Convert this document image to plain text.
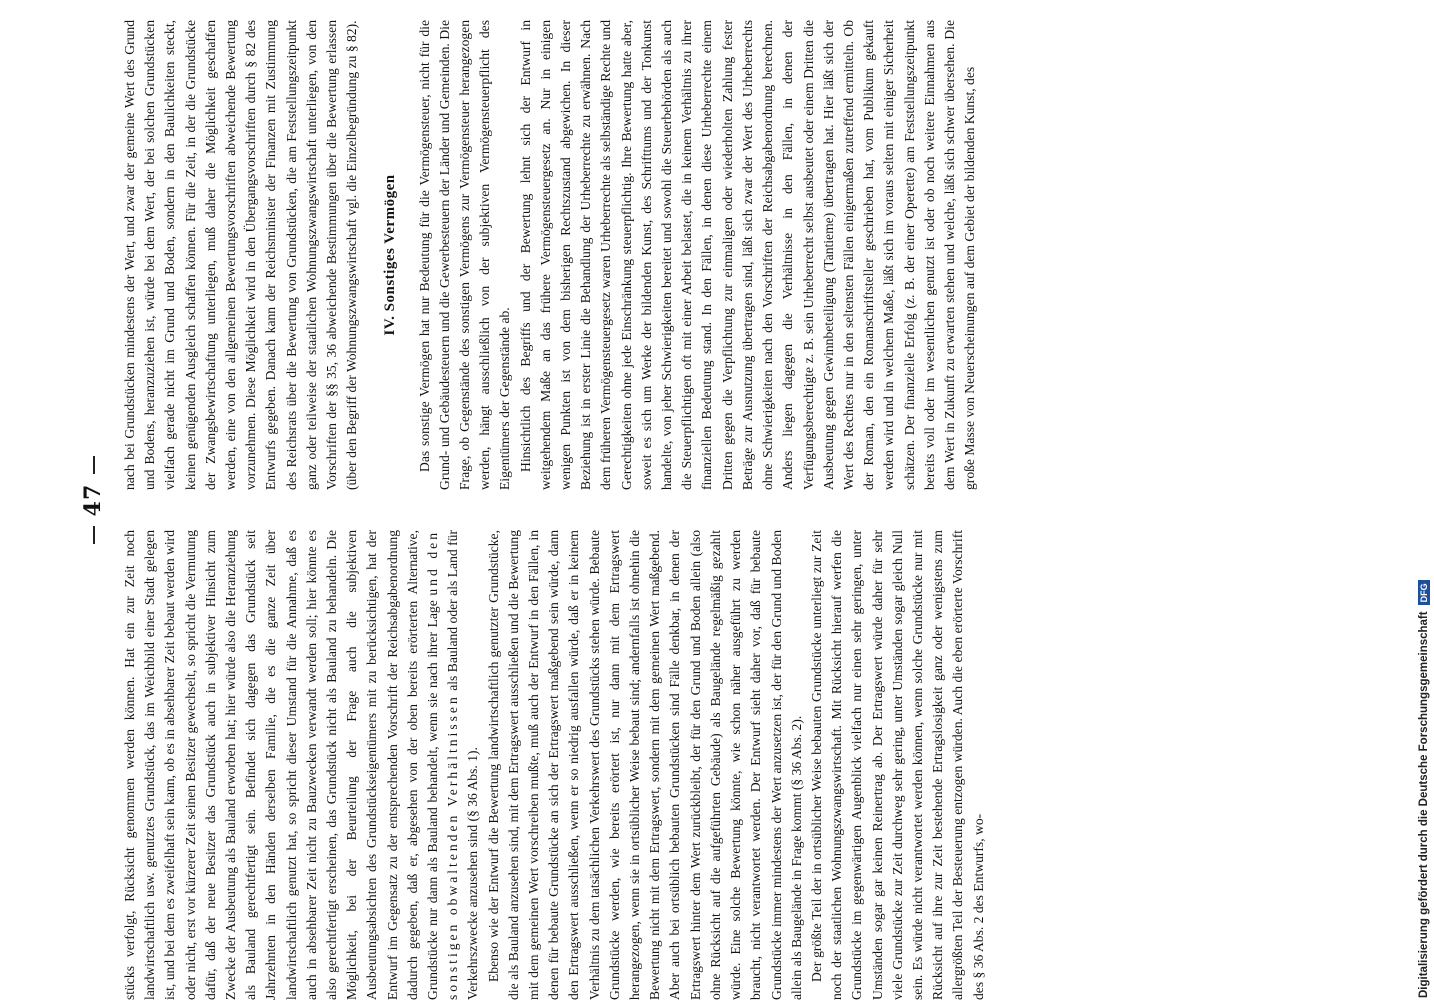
47

stücks verfolgt, Rücksicht genommen werden können. Hat ein zur Zeit noch landwirtschaftlich usw. genutztes Grundstück, das im Weichbild einer Stadt gelegen ist, und bei dem es zweifelhaft sein kann, ob es in absehbarer Zeit bebaut werden wird oder nicht, erst vor kürzerer Zeit seinen Besitzer gewechselt, so spricht die Vermutung dafür, daß der neue Besitzer das Grundstück auch in subjektiver Hinsicht zum Zwecke der Ausbeutung als Bauland erworben hat; hier würde also die Heranziehung als Bauland gerechtfertigt sein. Befindet sich dagegen das Grundstück seit Jahrzehnten in den Händen derselben Familie, die es die ganze Zeit über landwirtschaftlich genutzt hat, so spricht dieser Umstand für die Annahme, daß es auch in absehbarer Zeit nicht zu Bauzwecken verwandt werden soll; hier könnte es also gerechtfertigt erscheinen, das Grundstück nicht als Bauland zu behandeln. Die Möglichkeit, bei der Beurteilung der Frage auch die subjektiven Ausbeutungsabsichten des Grundstückseigentümers mit zu berücksichtigen, hat der Entwurf im Gegensatz zu der entsprechenden Vorschrift der Reichsabgabenordnung dadurch gegeben, daß er, abgesehen von der oben bereits erörterten Alternative, Grundstücke nur dann als Bauland behandelt, wenn sie nach ihrer Lage und den sonstigen obwaltenden Verhältnissen als Bauland oder als Land für Verkehrszwecke anzusehen sind (§ 36 Abs. 1). Ebenso wie der Entwurf die Bewertung landwirtschaftlich genutzter Grundstücke, die als Bauland anzusehen sind, mit dem Ertragswert ausschließen und die Bewertung mit dem gemeinen Wert vorschreiben mußte, muß auch der Entwurf in den Fällen, in denen für bebaute Grundstücke an sich der Ertragswert maßgebend sein würde, dann den Ertragswert ausschließen, wenn er so niedrig ausfallen würde, daß er in keinem Verhältnis zu dem tatsächlichen Verkehrswert des Grundstücks stehen würde. Bebaute Grundstücke werden, wie bereits erörtert ist, nur dann mit dem Ertragswert herangezogen, wenn sie in ortsüblicher Weise bebaut sind; andernfalls ist ohnehin die Bewertung nicht mit dem Ertragswert, sondern mit dem gemeinen Wert maßgebend. Aber auch bei ortsüblich bebauten Grundstücken sind Fälle denkbar, in denen der Ertragswert hinter dem Wert zurückbleibt, der für den Grund und Boden allein (also ohne Rücksicht auf die aufgeführten Gebäude) als Baugelände regelmäßig gezahlt würde. Eine solche Bewertung könnte, wie schon näher ausgeführt zu werden braucht, nicht verantwortet werden. Der Entwurf sieht daher vor, daß für bebaute Grundstücke immer mindestens der Wert anzusetzen ist, der für den Grund und Boden allein als Baugelände in Frage kommt (§ 36 Abs. 2). Der größte Teil der in ortsüblicher Weise bebauten Grundstücke unterliegt zur Zeit noch der staatlichen Wohnungszwangswirtschaft. Mit Rücksicht hierauf werfen die Grundstücke im gegenwärtigen Augenblick vielfach nur einen sehr geringen, unter Umständen sogar gar keinen Reinertrag ab. Der Ertragswert würde daher für sehr viele Grundstücke zur Zeit durchweg sehr gering, unter Umständen sogar gleich Null sein. Es würde nicht verantwortet werden können, wenn solche Grundstücke nur mit Rücksicht auf ihre zur Zeit bestehende Ertragslosigkeit ganz oder wenigstens zum allergrößten Teil der Besteuerung entzogen würden. Auch die eben erörterte Vorschrift des § 36 Abs. 2 des Entwurfs, wo-

nach bei Grundstücken mindestens der Wert, und zwar der gemeine Wert des Grund und Bodens, heranzuziehen ist, würde bei dem Wert, der bei solchen Grundstücken vielfach gerade nicht im Grund und Boden, sondern in den Baulichkeiten steckt, keinen genügenden Ausgleich schaffen können. Für die Zeit, in der die Grundstücke der Zwangsbewirtschaftung unterliegen, muß daher die Möglichkeit geschaffen werden, eine von den allgemeinen Bewertungsvorschriften abweichende Bewertung vorzunehmen. Diese Möglichkeit wird in den Übergangsvorschriften durch § 82 des Entwurfs gegeben. Danach kann der Reichsminister der Finanzen mit Zustimmung des Reichsrats über die Bewertung von Grundstücken, die am Feststellungszeitpunkt ganz oder teilweise der staatlichen Wohnungszwangswirtschaft unterliegen, von den Vorschriften der §§ 35, 36 abweichende Bestimmungen über die Bewertung erlassen (über den Begriff der Wohnungszwangswirtschaft vgl. die Einzelbegründung zu § 82). IV. Sonstiges Vermögen Das sonstige Vermögen hat nur Bedeutung für die Vermögensteuer, nicht für die Grund- und Gebäudesteuern und die Gewerbesteuern der Länder und Gemeinden. Die Frage, ob Gegenstände des sonstigen Vermögens zur Vermögensteuer herangezogen werden, hängt ausschließlich von der subjektiven Vermögensteuerpflicht des Eigentümers der Gegenstände ab. Hinsichtlich des Begriffs und der Bewertung lehnt sich der Entwurf in weitgehendem Maße an das frühere Vermögensteuergesetz an. Nur in einigen wenigen Punkten ist von dem bisherigen Rechtszustand abgewichen. In dieser Beziehung ist in erster Linie die Behandlung der Urheberrechte zu erwähnen. Nach dem früheren Vermögensteuergesetz waren Urheberrechte als selbständige Rechte und Gerechtigkeiten ohne jede Einschränkung steuerpflichtig. Ihre Bewertung hatte aber, soweit es sich um Werke der bildenden Kunst, des Schrifttums und der Tonkunst handelte, von jeher Schwierigkeiten bereitet und sowohl die Steuerbehörden als auch die Steuerpflichtigen oft mit einer Arbeit belastet, die in keinem Verhältnis zu ihrer finanziellen Bedeutung stand. In den Fällen, in denen diese Urheberrechte einem Dritten gegen die Verpflichtung zur einmaligen oder wiederholten Zahlung fester Beträge zur Ausnutzung übertragen sind, läßt sich zwar der Wert des Urheberrechts ohne Schwierigkeiten nach den Vorschriften der Reichsabgabenordnung berechnen. Anders liegen dagegen die Verhältnisse in den Fällen, in denen der Verfügungsberechtigte z. B. sein Urheberrecht selbst ausbeutet oder einem Dritten die Ausbeutung gegen Gewinnbeteiligung (Tantieme) übertragen hat. Hier läßt sich der Wert des Rechtes nur in den seltensten Fällen einigermaßen zutreffend ermitteln. Ob der Roman, den ein Romanschriftsteller geschrieben hat, vom Publikum gekauft werden wird und in welchem Maße, läßt sich im voraus selten mit einiger Sicherheit schätzen. Der finanzielle Erfolg (z. B. der einer Operette) am Feststellungszeitpunkt bereits voll oder im wesentlichen genutzt ist oder ob noch weitere Einnahmen aus dem Wert in Zukunft zu erwarten stehen und welche, läßt sich schwer übersehen. Die große Masse von Neuerscheinungen auf dem Gebiet der bildenden Kunst, des

Digitalisierung gefördert durch die Deutsche Forschungsgemeinschaft
DFG
